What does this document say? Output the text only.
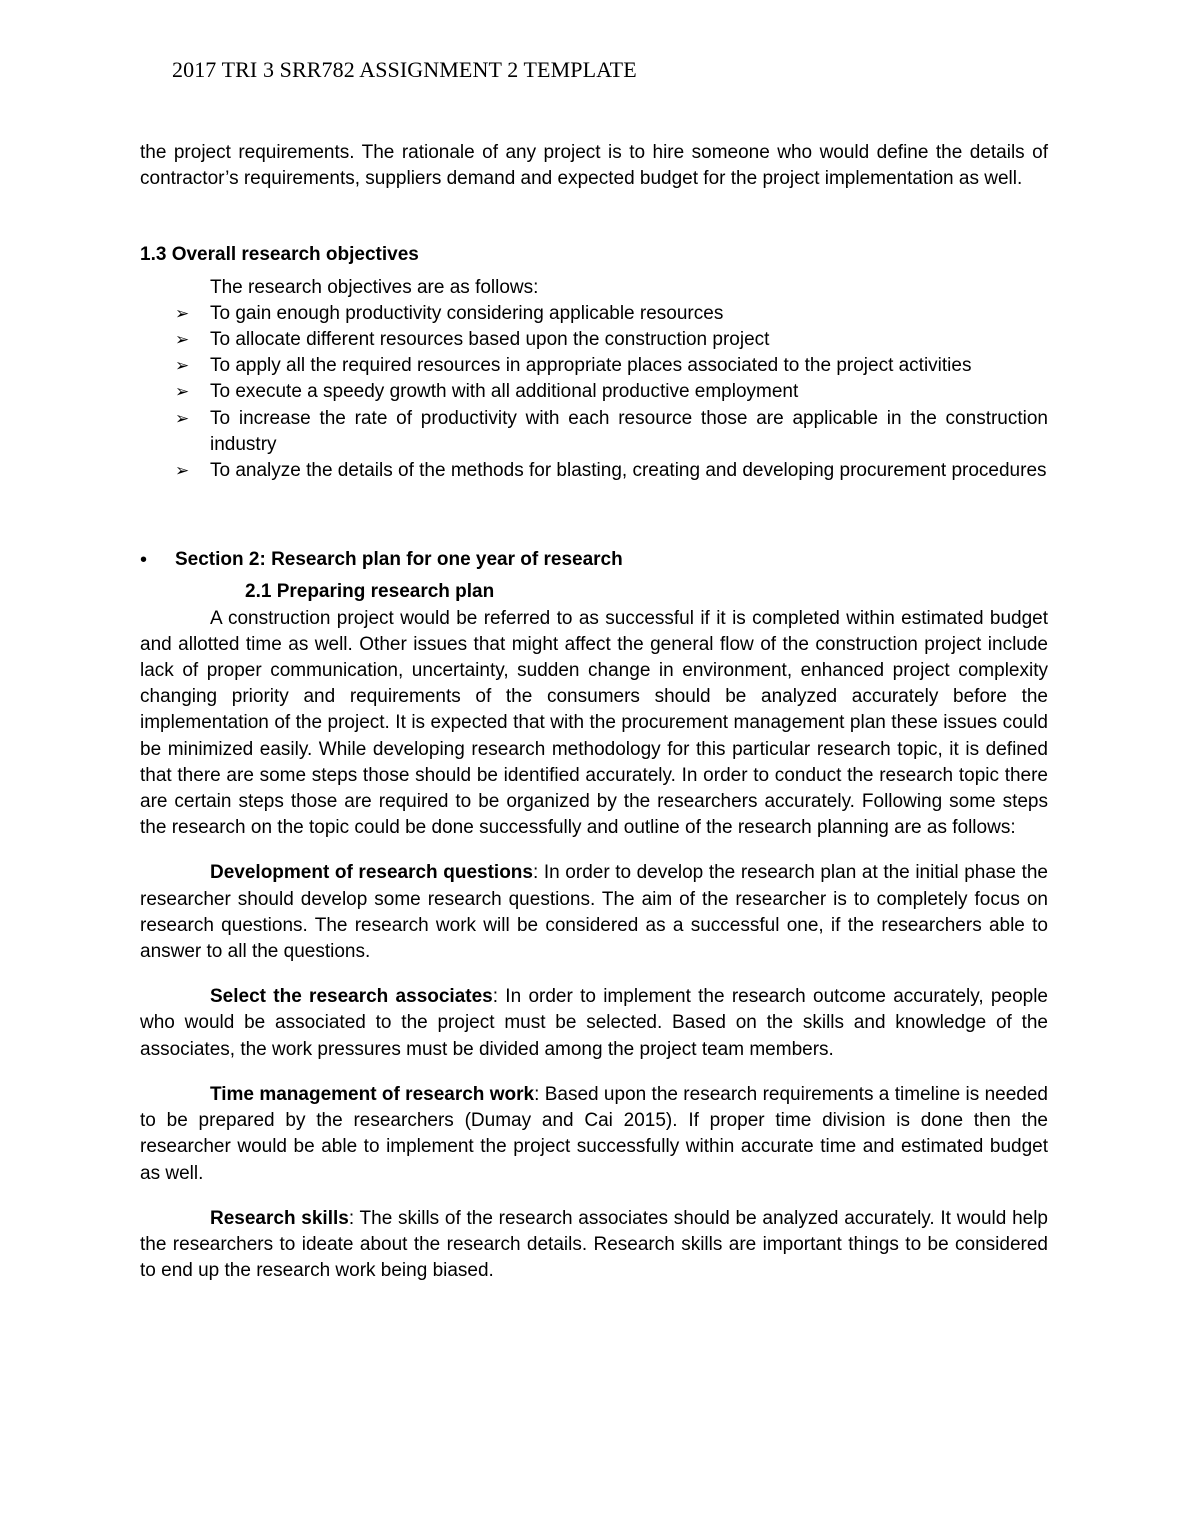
2017 TRI 3 SRR782 ASSIGNMENT 2 TEMPLATE

the project requirements. The rationale of any project is to hire someone who would define the details of contractor’s requirements, suppliers demand and expected budget for the project implementation as well.

1.3 Overall research objectives

The research objectives are as follows:

➢ To gain enough productivity considering applicable resources
➢ To allocate different resources based upon the construction project
➢ To apply all the required resources in appropriate places associated to the project activities
➢ To execute a speedy growth with all additional productive employment
➢ To increase the rate of productivity with each resource those are applicable in the construction industry
➢ To analyze the details of the methods for blasting, creating and developing procurement procedures
• Section 2: Research plan for one year of research

2.1 Preparing research plan

A construction project would be referred to as successful if it is completed within estimated budget and allotted time as well. Other issues that might affect the general flow of the construction project include lack of proper communication, uncertainty, sudden change in environment, enhanced project complexity changing priority and requirements of the consumers should be analyzed accurately before the implementation of the project. It is expected that with the procurement management plan these issues could be minimized easily. While developing research methodology for this particular research topic, it is defined that there are some steps those should be identified accurately. In order to conduct the research topic there are certain steps those are required to be organized by the researchers accurately. Following some steps the research on the topic could be done successfully and outline of the research planning are as follows:

Development of research questions: In order to develop the research plan at the initial phase the researcher should develop some research questions. The aim of the researcher is to completely focus on research questions. The research work will be considered as a successful one, if the researchers able to answer to all the questions.

Select the research associates: In order to implement the research outcome accurately, people who would be associated to the project must be selected. Based on the skills and knowledge of the associates, the work pressures must be divided among the project team members.

Time management of research work: Based upon the research requirements a timeline is needed to be prepared by the researchers (Dumay and Cai 2015). If proper time division is done then the researcher would be able to implement the project successfully within accurate time and estimated budget as well.

Research skills: The skills of the research associates should be analyzed accurately. It would help the researchers to ideate about the research details. Research skills are important things to be considered to end up the research work being biased.
